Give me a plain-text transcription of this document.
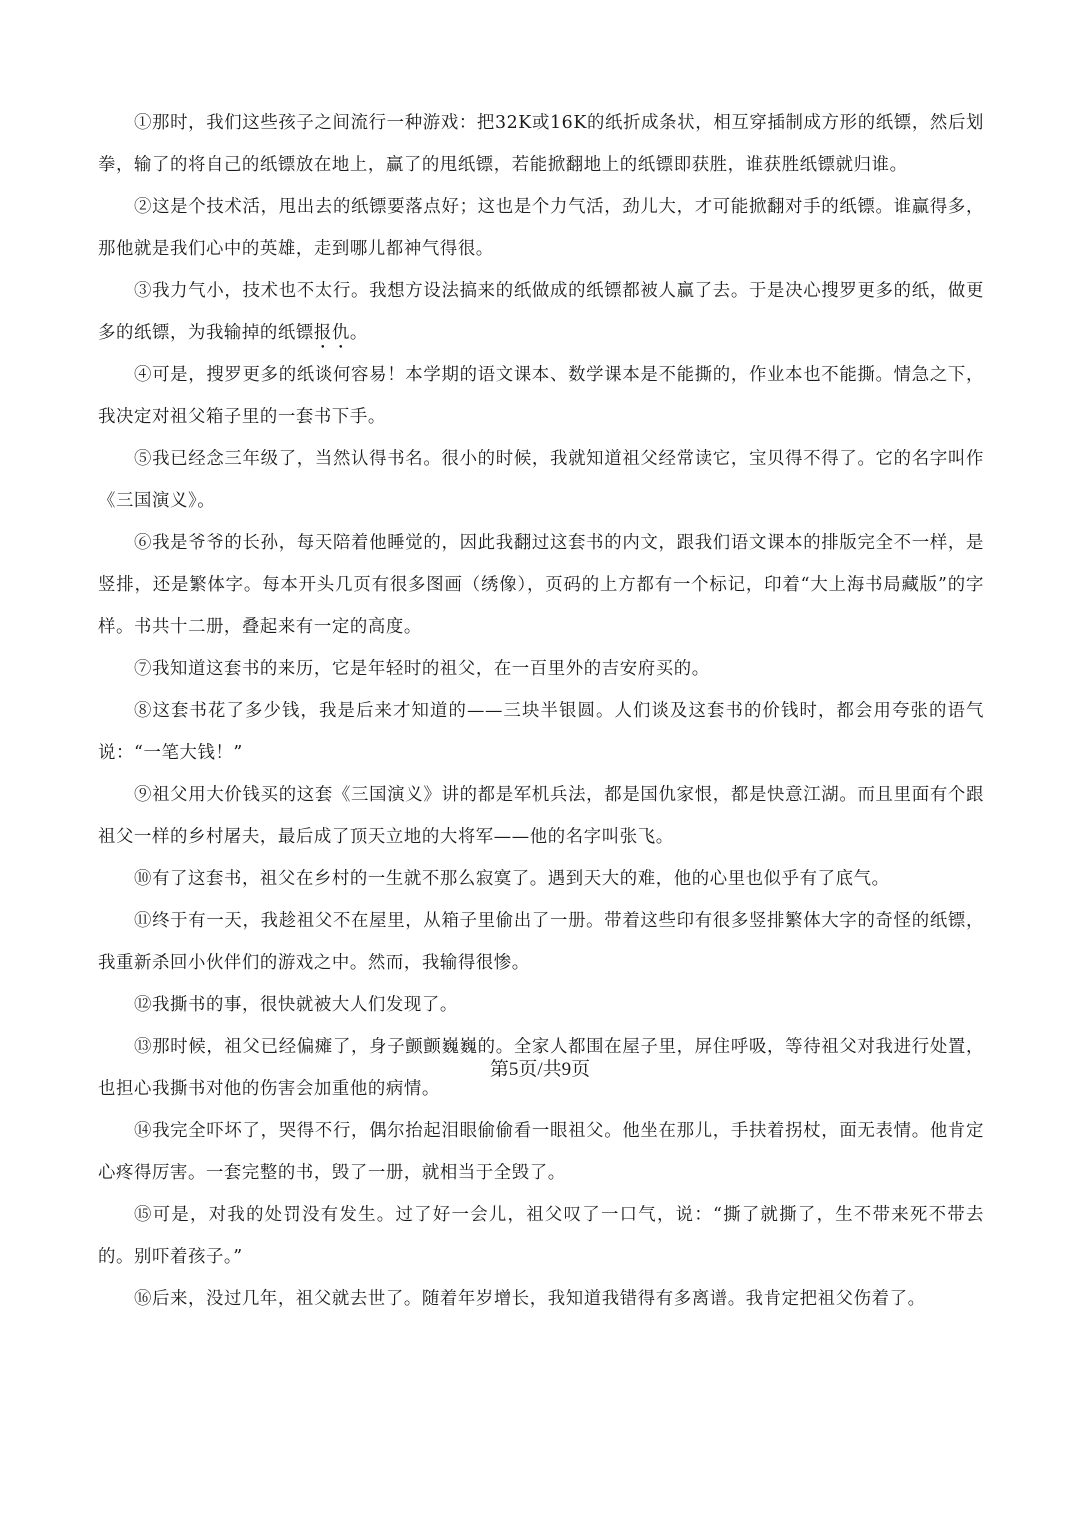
①那时，我们这些孩子之间流行一种游戏：把32K或16K的纸折成条状，相互穿插制成方形的纸镖，然后划拳，输了的将自己的纸镖放在地上，赢了的甩纸镖，若能掀翻地上的纸镖即获胜，谁获胜纸镖就归谁。

②这是个技术活，甩出去的纸镖要落点好；这也是个力气活，劲儿大，才可能掀翻对手的纸镖。谁赢得多，那他就是我们心中的英雄，走到哪儿都神气得很。

③我力气小，技术也不太行。我想方设法搞来的纸做成的纸镖都被人赢了去。于是决心搜罗更多的纸，做更多的纸镖，为我输掉的纸镖报仇。

④可是，搜罗更多的纸谈何容易！本学期的语文课本、数学课本是不能撕的，作业本也不能撕。情急之下，我决定对祖父箱子里的一套书下手。

⑤我已经念三年级了，当然认得书名。很小的时候，我就知道祖父经常读它，宝贝得不得了。它的名字叫作《三国演义》。

⑥我是爷爷的长孙，每天陪着他睡觉的，因此我翻过这套书的内文，跟我们语文课本的排版完全不一样，是竖排，还是繁体字。每本开头几页有很多图画（绣像），页码的上方都有一个标记，印着“大上海书局藏版”的字样。书共十二册，叠起来有一定的高度。

⑦我知道这套书的来历，它是年轻时的祖父，在一百里外的吉安府买的。

⑧这套书花了多少钱，我是后来才知道的——三块半银圆。人们谈及这套书的价钱时，都会用夸张的语气说：“一笔大钱！”

⑨祖父用大价钱买的这套《三国演义》讲的都是军机兵法，都是国仇家恨，都是快意江湖。而且里面有个跟祖父一样的乡村屠夫，最后成了顶天立地的大将军——他的名字叫张飞。

⑩有了这套书，祖父在乡村的一生就不那么寂寞了。遇到天大的难，他的心里也似乎有了底气。

⑪终于有一天，我趁祖父不在屋里，从箱子里偷出了一册。带着这些印有很多竖排繁体大字的奇怪的纸镖，我重新杀回小伙伴们的游戏之中。然而，我输得很惨。

⑫我撕书的事，很快就被大人们发现了。

⑬那时候，祖父已经偏瘫了，身子颤颤巍巍的。全家人都围在屋子里，屏住呼吸，等待祖父对我进行处置，也担心我撕书对他的伤害会加重他的病情。

⑭我完全吓坏了，哭得不行，偶尔抬起泪眼偷偷看一眼祖父。他坐在那儿，手扶着拐杖，面无表情。他肯定心疼得厉害。一套完整的书，毁了一册，就相当于全毁了。

⑮可是，对我的处罚没有发生。过了好一会儿，祖父叹了一口气，说：“撕了就撕了，生不带来死不带去的。别吓着孩子。”

⑯后来，没过几年，祖父就去世了。随着年岁增长，我知道我错得有多离谱。我肯定把祖父伤着了。

第5页/共9页
